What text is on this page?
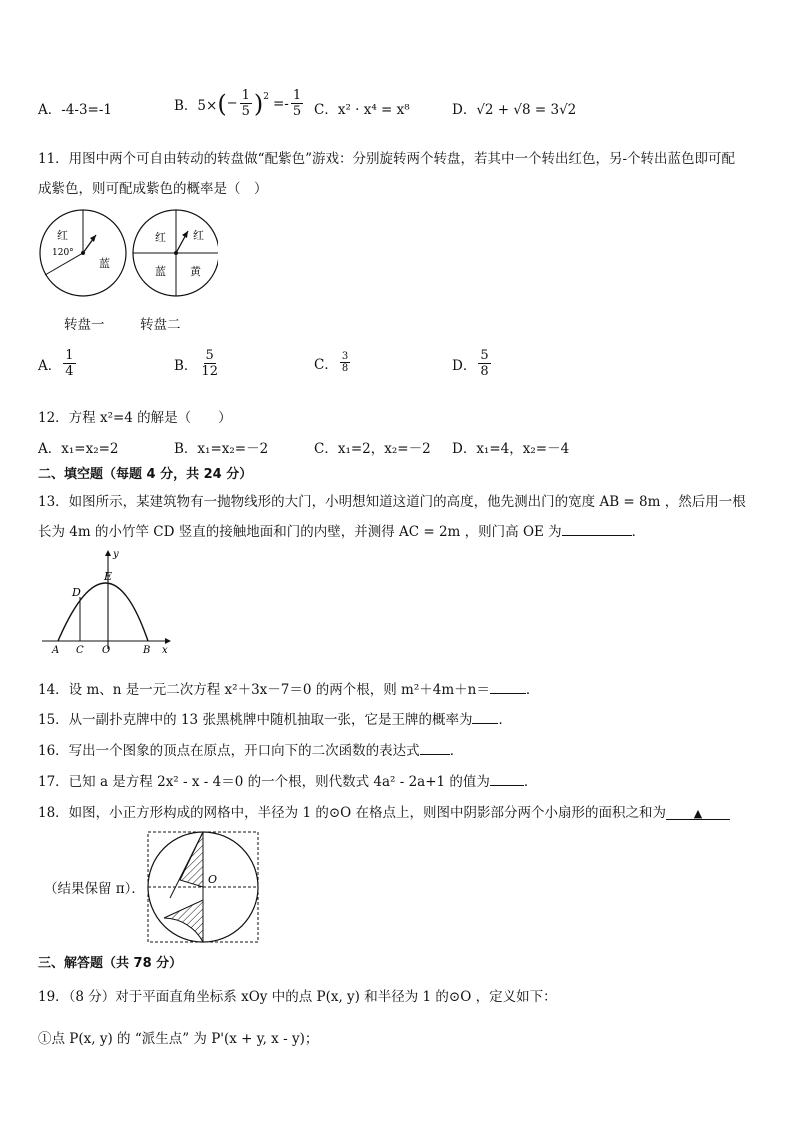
A．-4-3=-1	B．5× ( − $\frac{1}{5}$ ) $2 =- \frac{1}{5}$ C．x² · x⁴ = x⁸	D．√2 + √8 = 3√2
11．用图中两个可自由转动的转盘做“配紫色”游戏：分别旋转两个转盘，若其中一个转出红色，另-个转出蓝色即可配
成紫色，则可配成紫色的概率是（　）
红
120°
蓝
红 红
蓝 黄
转盘一	转盘二
A． $\frac{1}{4}$	B． $\frac{5}{12}$	C． $\frac{3}{8}$	D． $\frac{5}{8}$
12．方程 x²=4 的解是（　　）
A．x₁=x₂=2	B．x₁=x₂=－2	C．x₁=2，x₂=－2 D．x₁=4，x₂=－4
二、填空题（每题 4 分，共 24 分）
13．如图所示，某建筑物有一抛物线形的大门，小明想知道这道门的高度，他先测出门的宽度 AB = 8m ，然后用一根
长为 4m 的小竹竿 CD 竖直的接触地面和门的内壁，并测得 AC = 2m ，则门高 OE 为	．
y
x
E
D
A C O	B
14．设 m、n 是一元二次方程 x²＋3x－7＝0 的两个根，则 m²＋4m＋n＝	．
15．从一副扑克牌中的 13 张黑桃牌中随机抽取一张，它是王牌的概率为 ．
16．写出一个图象的顶点在原点，开口向下的二次函数的表达式 ．
17．已知 a 是方程 2x² - x - 4＝0 的一个根，则代数式 4a² - 2a+1 的值为	．
18．如图，小正方形构成的网格中，半径为 1 的⊙O 在格点上，则图中阴影部分两个小扇形的面积之和为	▲
（结果保留 π）．
O
三、解答题（共 78 分）
19．（8 分）对于平面直角坐标系 xOy 中的点 P(x, y) 和半径为 1 的⊙O ，定义如下：
①点 P(x, y) 的 “派生点” 为 P'(x + y, x - y)；
